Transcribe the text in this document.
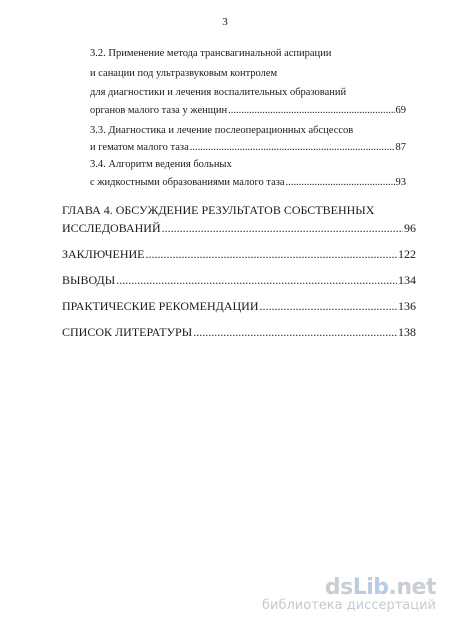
3
3.2. Применение метода трансвагинальной аспирации
и санации под ультразвуковым контролем
для диагностики и лечения воспалительных образований
органов малого таза у женщин .....	69
3.3. Диагностика и лечение послеоперационных абсцессов
и гематом малого таза .....	87
3.4. Алгоритм ведения больных
с жидкостными образованиями малого таза .....	93
ГЛАВА 4. ОБСУЖДЕНИЕ РЕЗУЛЬТАТОВ СОБСТВЕННЫХ
ИССЛЕДОВАНИЙ .....	96
ЗАКЛЮЧЕНИЕ .....	122
ВЫВОДЫ .....	134
ПРАКТИЧЕСКИЕ РЕКОМЕНДАЦИИ .....	136
СПИСОК ЛИТЕРАТУРЫ .....	138
dsLib.net
библиотека диссертаций
